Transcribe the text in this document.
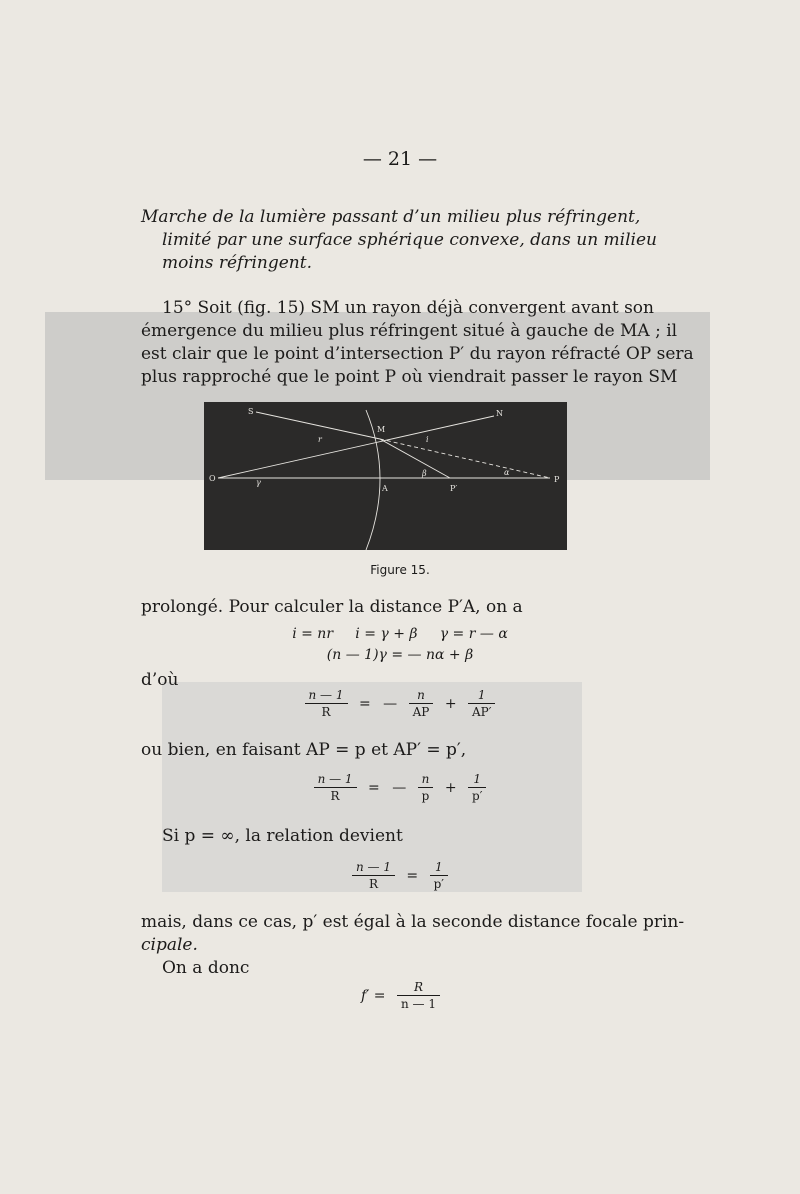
— 21 —
Marche de la lumière passant d’un milieu plus réfringent,
limité par une surface sphérique convexe, dans un milieu
moins réfringent.
15° Soit (fig. 15) SM un rayon déjà convergent avant son
émergence du milieu plus réfringent situé à gauche de MA ; il
est clair que le point d’intersection P′ du rayon réfracté OP sera
plus rapproché que le point P où viendrait passer le rayon SM
S	N
M
O
A	P′
P
r	i
β	α
γ
Figure 15.
prolongé. Pour calculer la distance P′A, on a
i = nr     i = γ + β     γ = r — α
(n — 1)γ = — nα + β
d’où
$\frac{n — 1}{R}$ = — $\frac{n}{AP} + \frac{1}{AP'}$
ou bien, en faisant AP = p et AP′ = p′,
$\frac{n — 1}{R}$ = — $\frac{n}{p} + \frac{1}{p'}$
Si p = ∞, la relation devient
$\frac{n — 1}{R} = \frac{1}{p'}$
mais, dans ce cas, p′ est égal à la seconde distance focale prin-
cipale.
On a donc
$f' = \frac{R}{n — 1}$
